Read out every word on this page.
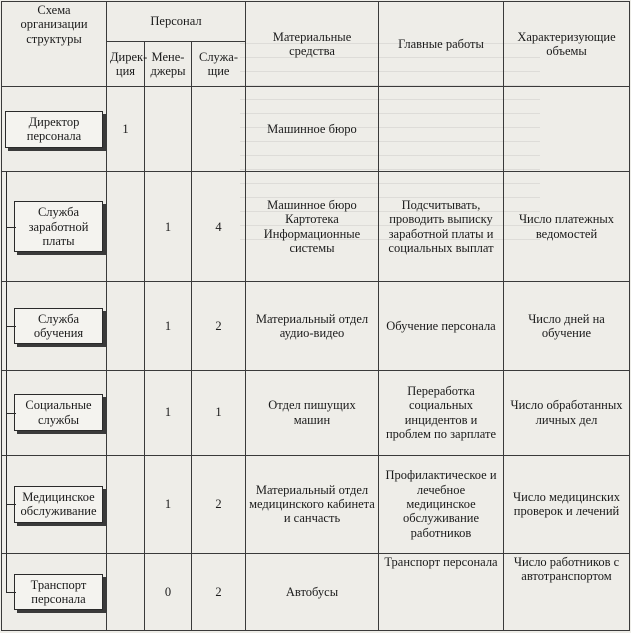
Схема организации структуры	Персонал			Материальные средства	Главные работы	Характеризующие объемы
	Дирек-ция	Мене-джеры	Служа-щие			
Директор персонала	1			Машинное бюро		

Служба заработной платы		1	4	Машинное бюро Картотека Информационные системы	Подсчитывать, проводить выписку заработной платы и социальных выплат	Число платежных ведомостей

Служба обучения		1	2	Материальный отдел аудио-видео	Обучение персонала	Число дней на обучение

Социальные службы		1	1	Отдел пишущих машин	Переработка социальных инцидентов и проблем по зарплате	Число обработанных личных дел

Медицинское обслуживание		1	2	Материальный отдел медицинского кабинета и санчасть	Профилактическое и лечебное медицинское обслуживание работников	Число медицинских проверок и лечений

Транспорт персонала		0	2	Автобусы	Транспорт персонала	Число работников с автотранспортом
